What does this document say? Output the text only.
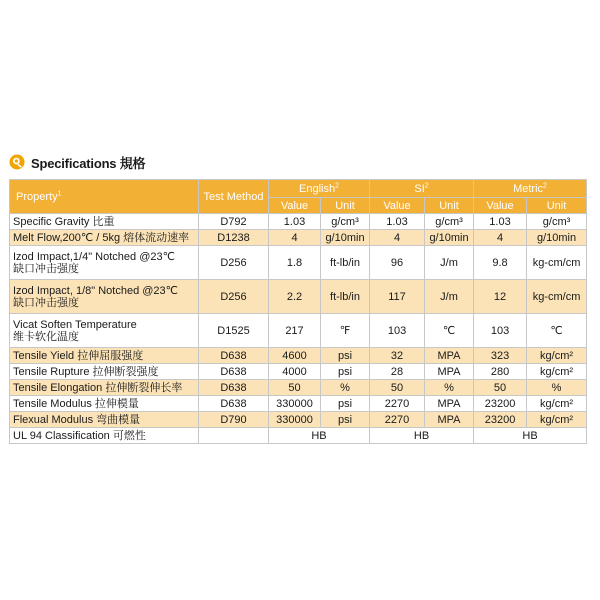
Specifications 規格
Property$^1$	Test Method	English$^2$		$SI^2$		Metric$^2$
		Value	Unit	Value	Unit	Value	Unit
Specific Gravity 比重	D792	1.03	g/cm³	1.03	g/cm³	1.03	g/cm³
Melt Flow,200℃ / 5kg 熔体流动速率	D1238	4	g/10min	4	g/10min	4	g/10min
Izod Impact,1/4" Notched @23℃
缺口冲击强度	D256	1.8	ft-lb/in	96	J/m	9.8	kg-cm/cm
Izod Impact, 1/8" Notched @23℃
缺口冲击强度	D256	2.2	ft-lb/in	117	J/m	12	kg-cm/cm
Vicat Soften Temperature
维卡软化温度	D1525	217	℉	103	℃	103	℃
Tensile Yield 拉伸屈服强度	D638	4600	psi	32	MPA	323	kg/cm²
Tensile Rupture 拉伸断裂强度	D638	4000	psi	28	MPA	280	kg/cm²
Tensile Elongation 拉伸断裂伸长率	D638	50	%	50	%	50	%
Tensile Modulus 拉伸模量	D638	330000	psi	2270	MPA	23200	kg/cm²
Flexual Modulus 弯曲模量	D790	330000	psi	2270	MPA	23200	kg/cm²
UL 94 Classification 可燃性		HB		HB		HB	
